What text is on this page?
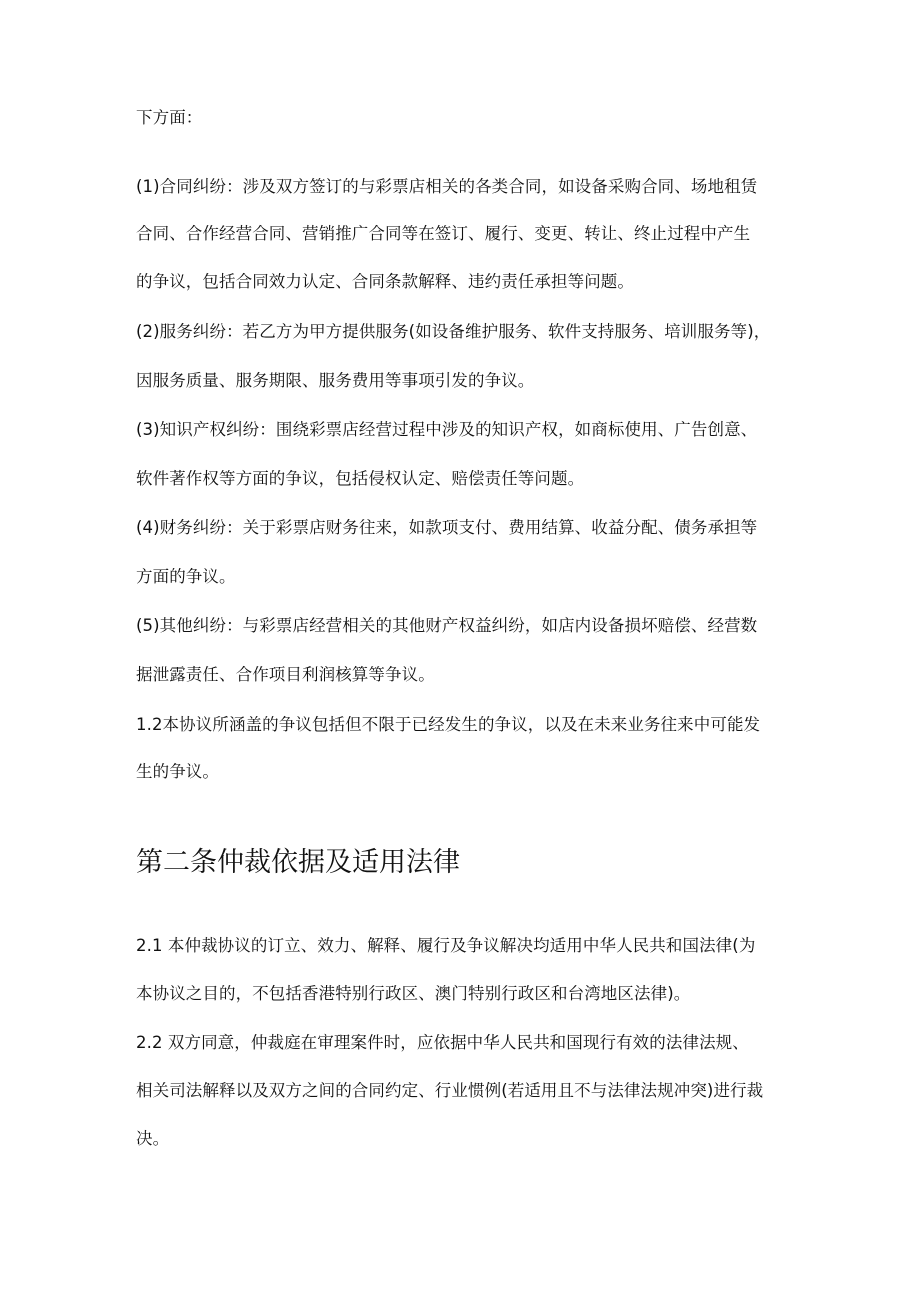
下方面：
(1)合同纠纷：涉及双方签订的与彩票店相关的各类合同，如设备采购合同、场地租赁
合同、合作经营合同、营销推广合同等在签订、履行、变更、转让、终止过程中产生
的争议，包括合同效力认定、合同条款解释、违约责任承担等问题。
(2)服务纠纷：若乙方为甲方提供服务(如设备维护服务、软件支持服务、培训服务等)，
因服务质量、服务期限、服务费用等事项引发的争议。
(3)知识产权纠纷：围绕彩票店经营过程中涉及的知识产权，如商标使用、广告创意、
软件著作权等方面的争议，包括侵权认定、赔偿责任等问题。
(4)财务纠纷：关于彩票店财务往来，如款项支付、费用结算、收益分配、债务承担等
方面的争议。
(5)其他纠纷：与彩票店经营相关的其他财产权益纠纷，如店内设备损坏赔偿、经营数
据泄露责任、合作项目利润核算等争议。
1.2本协议所涵盖的争议包括但不限于已经发生的争议，以及在未来业务往来中可能发
生的争议。
第二条仲裁依据及适用法律
2.1 本仲裁协议的订立、效力、解释、履行及争议解决均适用中华人民共和国法律(为
本协议之目的，不包括香港特别行政区、澳门特别行政区和台湾地区法律)。
2.2 双方同意，仲裁庭在审理案件时，应依据中华人民共和国现行有效的法律法规、
相关司法解释以及双方之间的合同约定、行业惯例(若适用且不与法律法规冲突)进行裁
决。
